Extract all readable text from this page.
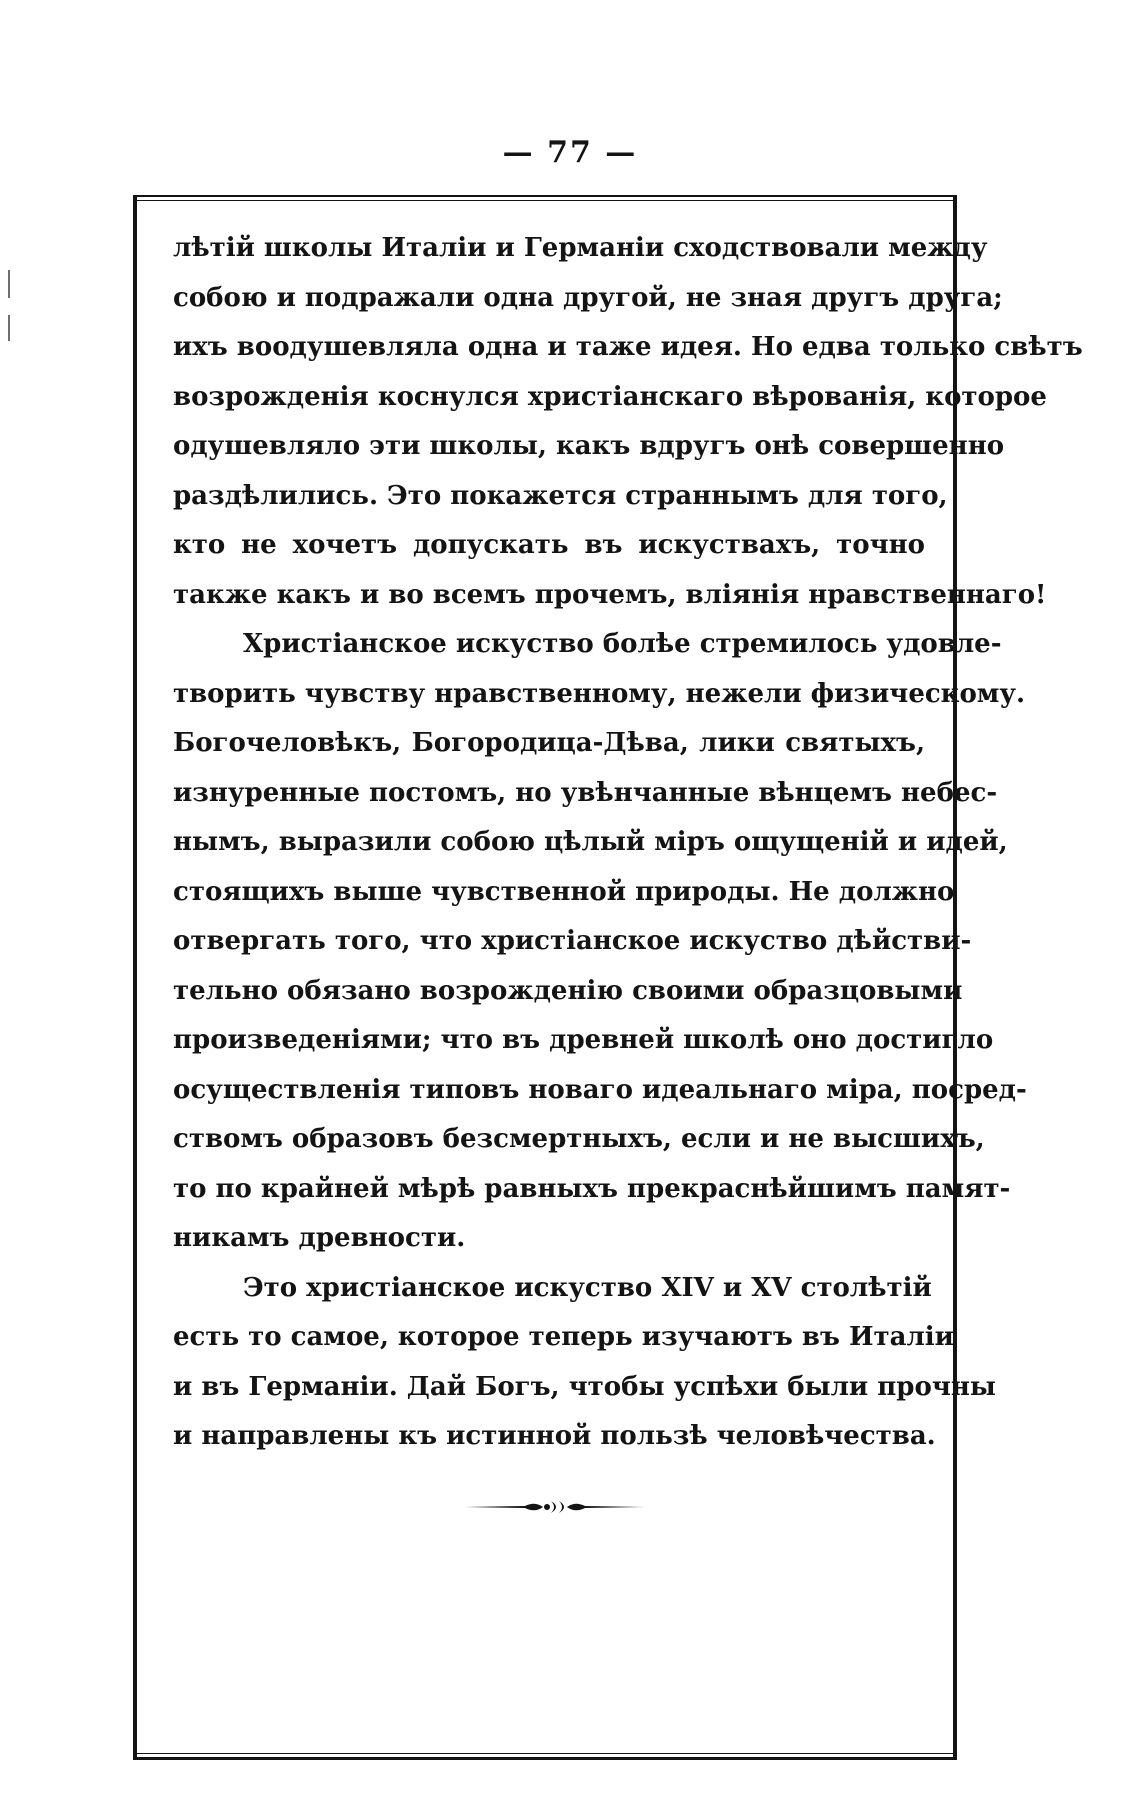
— 77 —
лѣтій школы Италіи и Германіи сходствовали между
собою и подражали одна другой, не зная другъ друга;
ихъ воодушевляла одна и таже идея. Но едва только свѣтъ
возрожденія коснулся христіанскаго вѣрованія, которое
одушевляло эти школы, какъ вдругъ онѣ совершенно
раздѣлились. Это покажется страннымъ для того,
кто не хочетъ допускать въ искуствахъ, точно
также какъ и во всемъ прочемъ, вліянія нравственнаго!
Христіанское искуство болѣе стремилось удовле-
творить чувству нравственному, нежели физическому.
Богочеловѣкъ, Богородица-Дѣва, лики святыхъ,
изнуренные постомъ, но увѣнчанные вѣнцемъ небес-
нымъ, выразили собою цѣлый міръ ощущеній и идей,
стоящихъ выше чувственной природы. Не должно
отвергать того, что христіанское искуство дѣйстви-
тельно обязано возрожденію своими образцовыми
произведеніями; что въ древней школѣ оно достигло
осуществленія типовъ новаго идеальнаго міра, посред-
ствомъ образовъ безсмертныхъ, если и не высшихъ,
то по крайней мѣрѣ равныхъ прекраснѣйшимъ памят-
никамъ древности.
Это христіанское искуство XIV и XV столѣтій
есть то самое, которое теперь изучаютъ въ Италіи
и въ Германіи. Дай Богъ, чтобы успѣхи были прочны
и направлены къ истинной пользѣ человѣчества.
